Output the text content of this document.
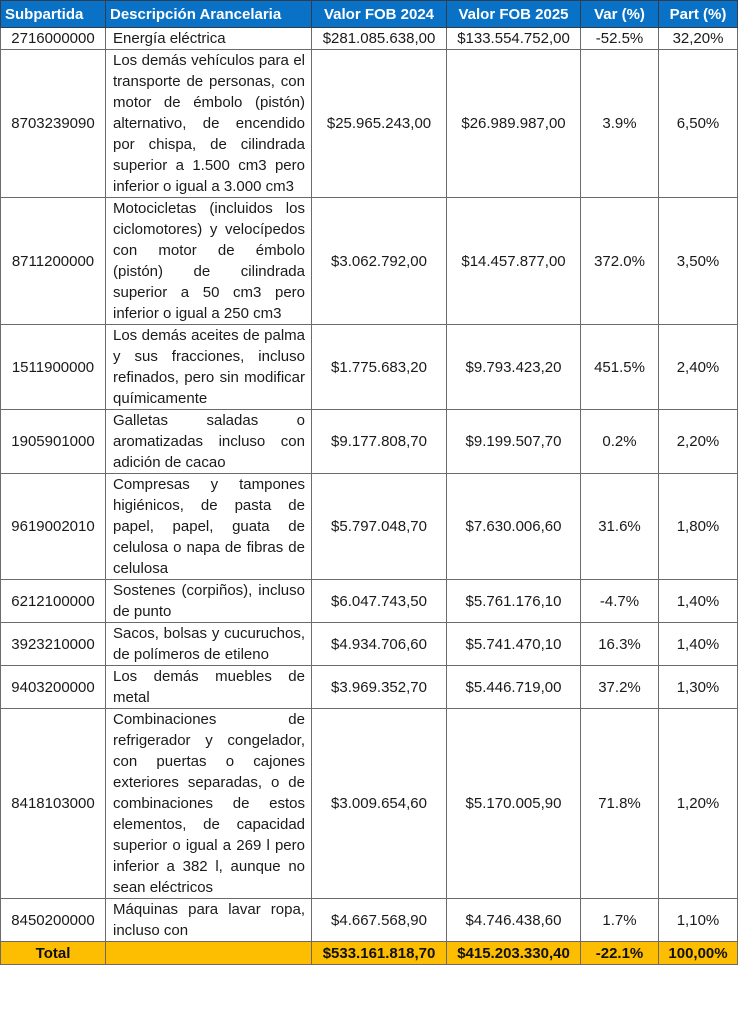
Subpartida	Descripción Arancelaria	Valor FOB 2024	Valor FOB 2025	Var (%)	Part (%)
2716000000	Energía eléctrica	$281.085.638,00	$133.554.752,00	-52.5%	32,20%
8703239090	Los demás vehículos para el transporte de personas, con motor de émbolo (pistón) alternativo, de encendido por chispa, de cilindrada superior a 1.500 cm3 pero inferior o igual a 3.000 cm3	$25.965.243,00	$26.989.987,00	3.9%	6,50%
8711200000	Motocicletas (incluidos los ciclomotores) y velocípedos con motor de émbolo (pistón) de cilindrada superior a 50 cm3 pero inferior o igual a 250 cm3	$3.062.792,00	$14.457.877,00	372.0%	3,50%
1511900000	Los demás aceites de palma y sus fracciones, incluso refinados, pero sin modificar químicamente	$1.775.683,20	$9.793.423,20	451.5%	2,40%
1905901000	Galletas saladas o aromatizadas incluso con adición de cacao	$9.177.808,70	$9.199.507,70	0.2%	2,20%
9619002010	Compresas y tampones higiénicos, de pasta de papel, papel, guata de celulosa o napa de fibras de celulosa	$5.797.048,70	$7.630.006,60	31.6%	1,80%
6212100000	Sostenes (corpiños), incluso de punto	$6.047.743,50	$5.761.176,10	-4.7%	1,40%
3923210000	Sacos, bolsas y cucuruchos, de polímeros de etileno	$4.934.706,60	$5.741.470,10	16.3%	1,40%
9403200000	Los demás muebles de metal	$3.969.352,70	$5.446.719,00	37.2%	1,30%
8418103000	Combinaciones de refrigerador y congelador, con puertas o cajones exteriores separadas, o de combinaciones de estos elementos, de capacidad superior o igual a 269 l pero inferior a 382 l, aunque no sean eléctricos	$3.009.654,60	$5.170.005,90	71.8%	1,20%
8450200000	Máquinas para lavar ropa, incluso con	$4.667.568,90	$4.746.438,60	1.7%	1,10%
Total		$533.161.818,70	$415.203.330,40	-22.1%	100,00%
